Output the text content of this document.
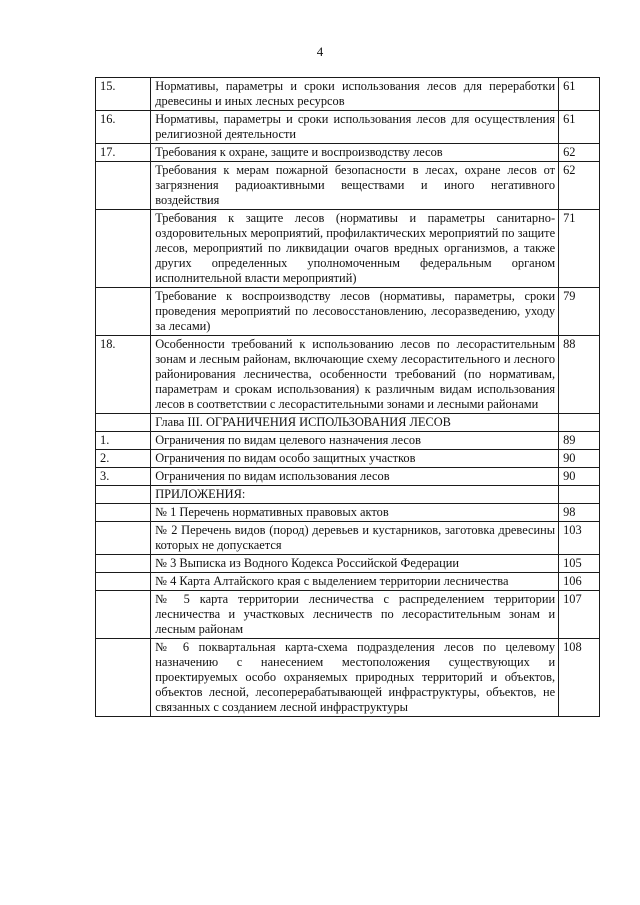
4
15.	Нормативы, параметры и сроки использования лесов для переработки древесины и иных лесных ресурсов	61
16.	Нормативы, параметры и сроки использования лесов для осуществления религиозной деятельности	61
17.	Требования к охране, защите и воспроизводству лесов	62
	Требования к мерам пожарной безопасности в лесах, охране лесов от загрязнения радиоактивными веществами и иного негативного воздействия	62
	Требования к защите лесов (нормативы и параметры санитарно-оздоровительных мероприятий, профилактических мероприятий по защите лесов, мероприятий по ликвидации очагов вредных организмов, а также других определенных уполномоченным федеральным органом исполнительной власти мероприятий)	71
	Требование к воспроизводству лесов (нормативы, параметры, сроки проведения мероприятий по лесовосстановлению, лесоразведению, уходу за лесами)	79
18.	Особенности требований к использованию лесов по лесорастительным зонам и лесным районам, включающие схему лесорастительного и лесного районирования лесничества, особенности требований (по нормативам, параметрам и срокам использования) к различным видам использования лесов в соответствии с лесорастительными зонами и лесными районами	88
	Глава III. ОГРАНИЧЕНИЯ ИСПОЛЬЗОВАНИЯ ЛЕСОВ	
1.	Ограничения по видам целевого назначения лесов	89
2.	Ограничения по видам особо защитных участков	90
3.	Ограничения по видам использования лесов	90
	ПРИЛОЖЕНИЯ:	
	№ 1 Перечень нормативных правовых актов	98
	№ 2 Перечень видов (пород) деревьев и кустарников, заготовка древесины которых не допускается	103
	№ 3 Выписка из Водного Кодекса Российской Федерации	105
	№ 4 Карта Алтайского края с выделением территории лесничества	106
	№ 5 карта территории лесничества с распределением территории лесничества и участковых лесничеств по лесорастительным зонам и лесным районам	107
	№ 6 поквартальная карта-схема подразделения лесов по целевому назначению с нанесением местоположения существующих и проектируемых особо охраняемых природных территорий и объектов, объектов лесной, лесоперерабатывающей инфраструктуры, объектов, не связанных с созданием лесной инфраструктуры	108
